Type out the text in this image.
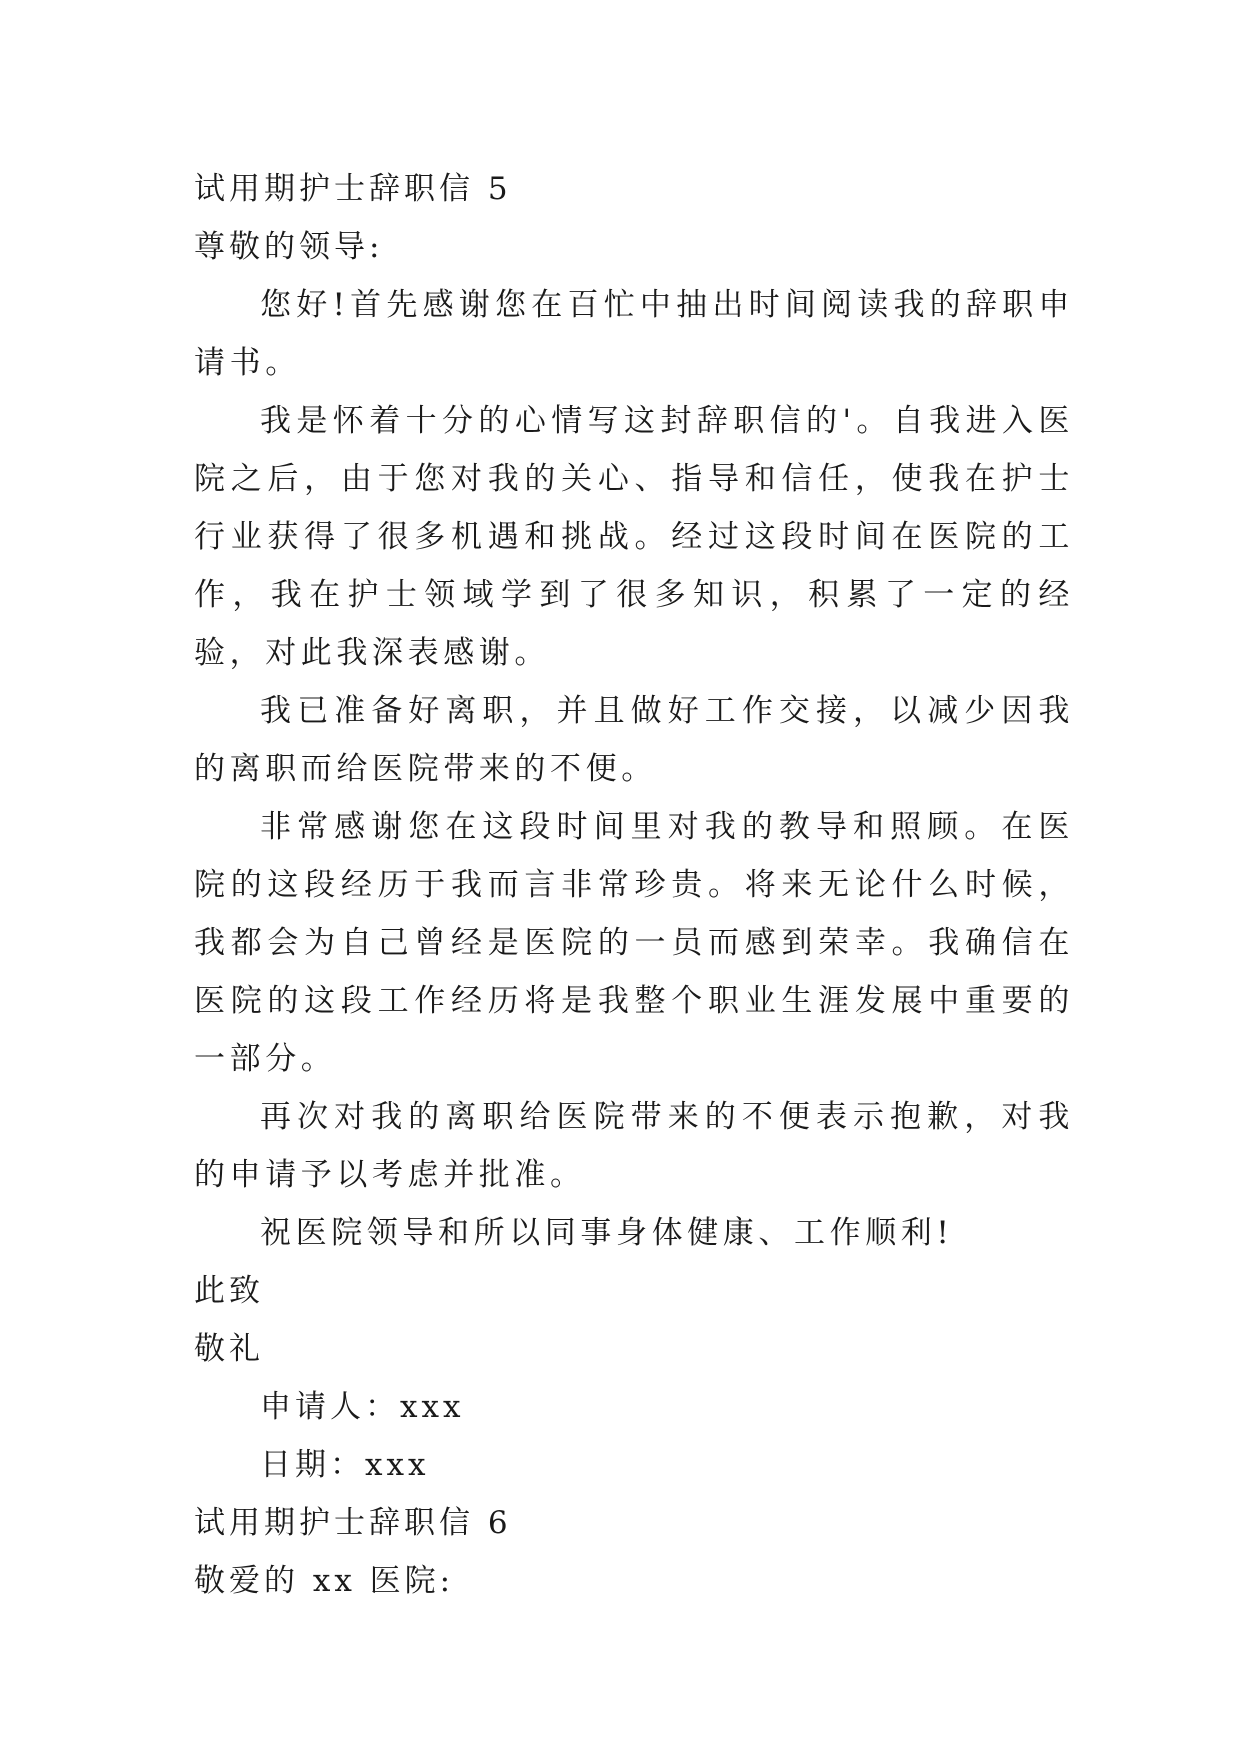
试用期护士辞职信 5

尊敬的领导:

您好!首先感谢您在百忙中抽出时间阅读我的辞职申请书。

我是怀着十分的心情写这封辞职信的'。自我进入医院之后，由于您对我的关心、指导和信任，使我在护士行业获得了很多机遇和挑战。经过这段时间在医院的工作，我在护士领域学到了很多知识，积累了一定的经验，对此我深表感谢。

我已准备好离职，并且做好工作交接，以减少因我的离职而给医院带来的不便。

非常感谢您在这段时间里对我的教导和照顾。在医院的这段经历于我而言非常珍贵。将来无论什么时候，我都会为自己曾经是医院的一员而感到荣幸。我确信在医院的这段工作经历将是我整个职业生涯发展中重要的一部分。

再次对我的离职给医院带来的不便表示抱歉，对我的申请予以考虑并批准。

祝医院领导和所以同事身体健康、工作顺利!

此致

敬礼

申请人：xxx

日期：xxx

试用期护士辞职信 6

敬爱的 xx 医院:
